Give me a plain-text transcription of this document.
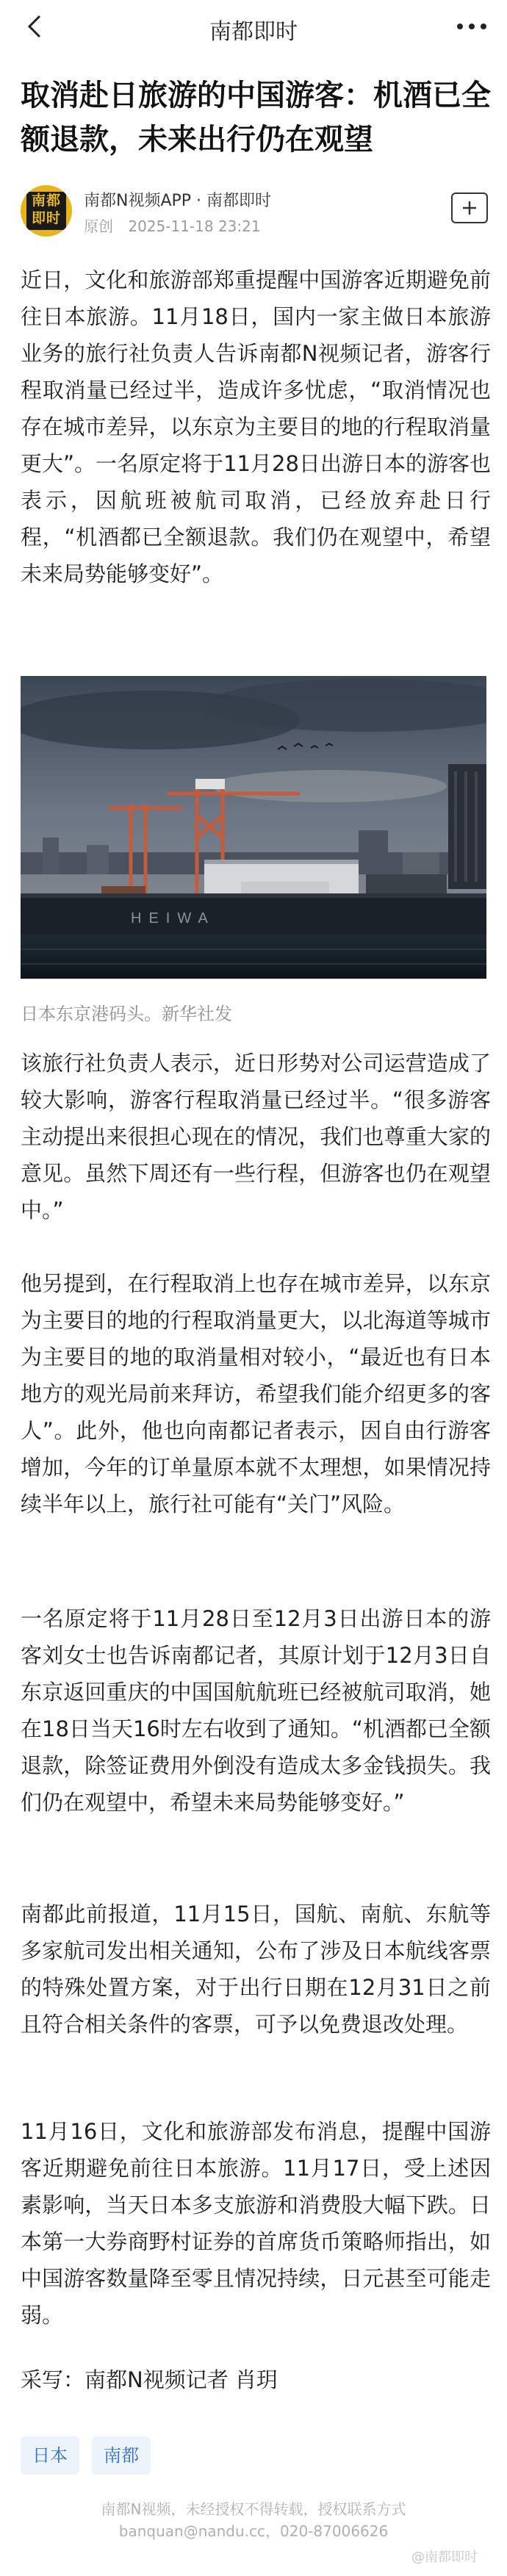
南都即时
取消赴日旅游的中国游客：机酒已全额退款，未来出行仍在观望
南都
即时
南都N视频APP · 南都即时
原创 2025-11-18 23:21

近日，文化和旅游部郑重提醒中国游客近期避免前往日本旅游。11月18日，国内一家主做日本旅游业务的旅行社负责人告诉南都N视频记者，游客行程取消量已经过半，造成许多忧虑，“取消情况也存在城市差异，以东京为主要目的地的行程取消量更大”。一名原定将于11月28日出游日本的游客也表示，因航班被航司取消，已经放弃赴日行程，“机酒都已全额退款。我们仍在观望中，希望未来局势能够变好”。

HEIWA
日本东京港码头。新华社发

该旅行社负责人表示，近日形势对公司运营造成了较大影响，游客行程取消量已经过半。“很多游客主动提出来很担心现在的情况，我们也尊重大家的意见。虽然下周还有一些行程，但游客也仍在观望中。”

他另提到，在行程取消上也存在城市差异，以东京为主要目的地的行程取消量更大，以北海道等城市为主要目的地的取消量相对较小，“最近也有日本地方的观光局前来拜访，希望我们能介绍更多的客人”。此外，他也向南都记者表示，因自由行游客增加，今年的订单量原本就不太理想，如果情况持续半年以上，旅行社可能有“关门”风险。

一名原定将于11月28日至12月3日出游日本的游客刘女士也告诉南都记者，其原计划于12月3日自东京返回重庆的中国国航航班已经被航司取消，她在18日当天16时左右收到了通知。“机酒都已全额退款，除签证费用外倒没有造成太多金钱损失。我们仍在观望中，希望未来局势能够变好。”

南都此前报道，11月15日，国航、南航、东航等多家航司发出相关通知，公布了涉及日本航线客票的特殊处置方案，对于出行日期在12月31日之前且符合相关条件的客票，可予以免费退改处理。

11月16日，文化和旅游部发布消息，提醒中国游客近期避免前往日本旅游。11月17日，受上述因素影响，当天日本多支旅游和消费股大幅下跌。日本第一大券商野村证券的首席货币策略师指出，如中国游客数量降至零且情况持续，日元甚至可能走弱。

采写：南都N视频记者 肖玥

日本 南都
南都N视频，未经授权不得转载，授权联系方式
banquan@nandu.cc，020-87006626
@南都即时
